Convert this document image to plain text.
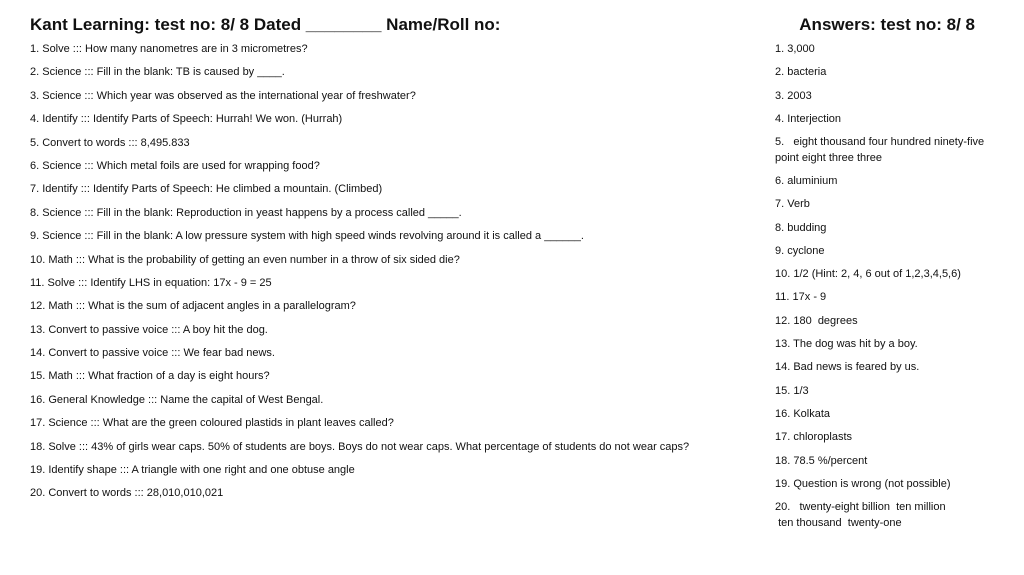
Kant Learning: test no: 8/ 8 Dated ________ Name/Roll no:	Answers: test no: 8/ 8
1. Solve ::: How many nanometres are in 3 micrometres?
2. Science ::: Fill in the blank: TB is caused by ____.
3. Science ::: Which year was observed as the international year of freshwater?
4. Identify ::: Identify Parts of Speech: Hurrah! We won. (Hurrah)
5. Convert to words ::: 8,495.833
6. Science ::: Which metal foils are used for wrapping food?
7. Identify ::: Identify Parts of Speech: He climbed a mountain. (Climbed)
8. Science ::: Fill in the blank: Reproduction in yeast happens by a process called _____.
9. Science ::: Fill in the blank: A low pressure system with high speed winds revolving around it is called a ______.
10. Math ::: What is the probability of getting an even number in a throw of six sided die?
11. Solve ::: Identify LHS in equation: 17x - 9 = 25
12. Math ::: What is the sum of adjacent angles in a parallelogram?
13. Convert to passive voice ::: A boy hit the dog.
14. Convert to passive voice ::: We fear bad news.
15. Math ::: What fraction of a day is eight hours?
16. General Knowledge ::: Name the capital of West Bengal.
17. Science ::: What are the green coloured plastids in plant leaves called?
18. Solve ::: 43% of girls wear caps. 50% of students are boys. Boys do not wear caps. What percentage of students do not wear caps?
19. Identify shape ::: A triangle with one right and one obtuse angle
20. Convert to words ::: 28,010,010,021
1. 3,000
2. bacteria
3. 2003
4. Interjection
5.   eight thousand four hundred ninety-five  point eight three three
6. aluminium
7. Verb
8. budding
9. cyclone
10. 1/2 (Hint: 2, 4, 6 out of 1,2,3,4,5,6)
11. 17x - 9
12. 180  degrees
13. The dog was hit by a boy.
14. Bad news is feared by us.
15. 1/3
16. Kolkata
17. chloroplasts
18. 78.5 %/percent
19. Question is wrong (not possible)
20.   twenty-eight billion  ten million
ten thousand  twenty-one
